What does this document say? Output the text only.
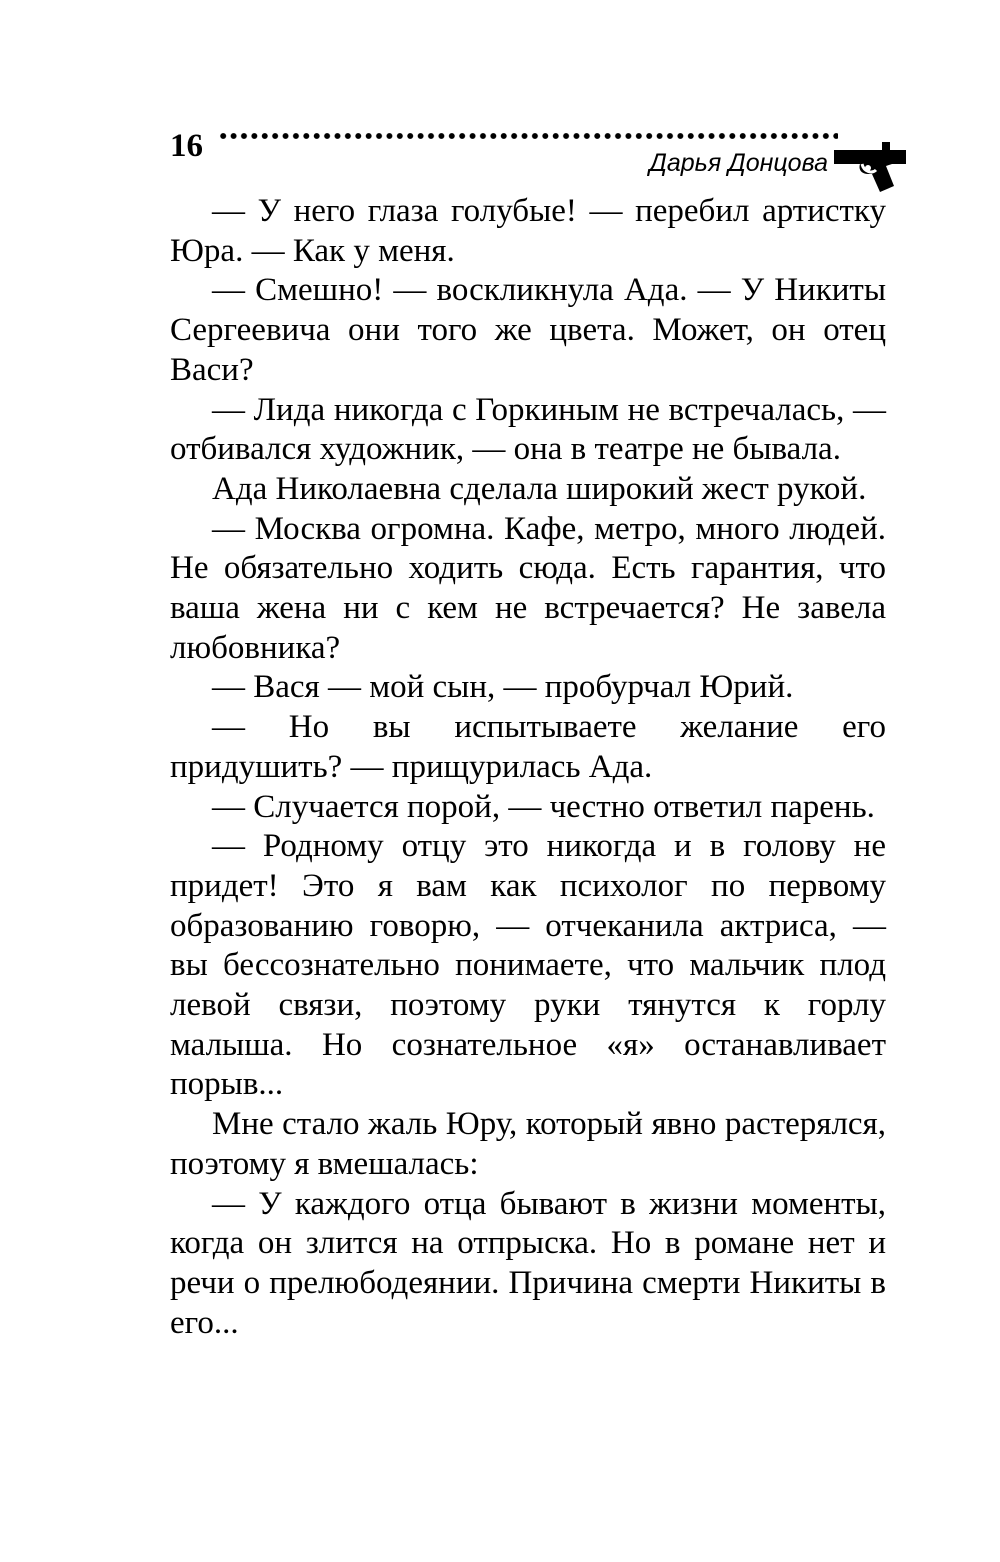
16	Дарья Донцова

— У него глаза голубые! — перебил артистку Юра. — Как у меня.

— Смешно! — воскликнула Ада. — У Никиты Сергеевича они того же цвета. Может, он отец Васи?

— Лида никогда с Горкиным не встречалась, — отбивался художник, — она в театре не бывала.

Ада Николаевна сделала широкий жест рукой.

— Москва огромна. Кафе, метро, много людей. Не обязательно ходить сюда. Есть гарантия, что ваша жена ни с кем не встречается? Не завела любовника?

— Вася — мой сын, — пробурчал Юрий.

— Но вы испытываете желание его придушить? — прищурилась Ада.

— Случается порой, — честно ответил парень.

— Родному отцу это никогда и в голову не придет! Это я вам как психолог по первому образованию говорю, — отчеканила актриса, — вы бессознательно понимаете, что мальчик плод левой связи, поэтому руки тянутся к горлу малыша. Но сознательное «я» останавливает порыв...

Мне стало жаль Юру, который явно растерялся, поэтому я вмешалась:

— У каждого отца бывают в жизни моменты, когда он злится на отпрыска. Но в романе нет и речи о прелюбодеянии. Причина смерти Никиты в его...
